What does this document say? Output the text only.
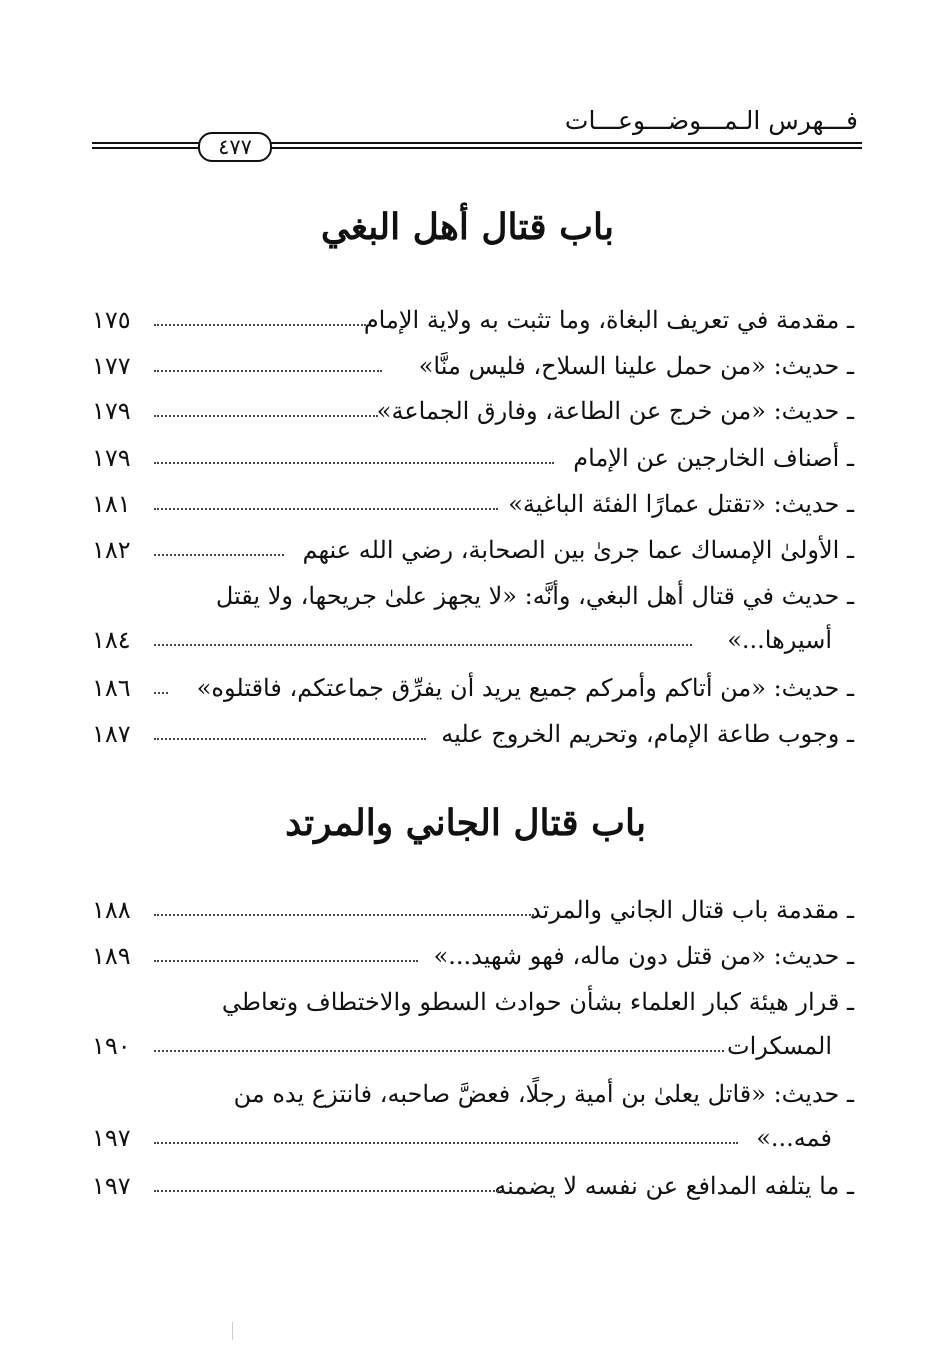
فـــهرس الـمـــوضـــوعـــات
٤٧٧
باب قتال أهل البغي
ـ مقدمة في تعريف البغاة، وما تثبت به ولاية الإمام
١٧٥
ـ حديث: «من حمل علينا السلاح، فليس منَّا»
١٧٧
ـ حديث: «من خرج عن الطاعة، وفارق الجماعة»
١٧٩
ـ أصناف الخارجين عن الإمام
١٧٩
ـ حديث: «تقتل عمارًا الفئة الباغية»
١٨١
ـ الأولىٰ الإمساك عما جرىٰ بين الصحابة، رضي الله عنهم
١٨٢
ـ حديث في قتال أهل البغي، وأنَّه: «لا يجهز علىٰ جريحها، ولا يقتل
أسيرها...»
١٨٤
ـ حديث: «من أتاكم وأمركم جميع يريد أن يفرِّق جماعتكم، فاقتلوه»
١٨٦
ـ وجوب طاعة الإمام، وتحريم الخروج عليه
١٨٧
باب قتال الجاني والمرتد
ـ مقدمة باب قتال الجاني والمرتد
١٨٨
ـ حديث: «من قتل دون ماله، فهو شهيد...»
١٨٩
ـ قرار هيئة كبار العلماء بشأن حوادث السطو والاختطاف وتعاطي
المسكرات
١٩٠
ـ حديث: «قاتل يعلىٰ بن أمية رجلًا، فعضَّ صاحبه، فانتزع يده من
فمه...»
١٩٧
ـ ما يتلفه المدافع عن نفسه لا يضمنه
١٩٧
